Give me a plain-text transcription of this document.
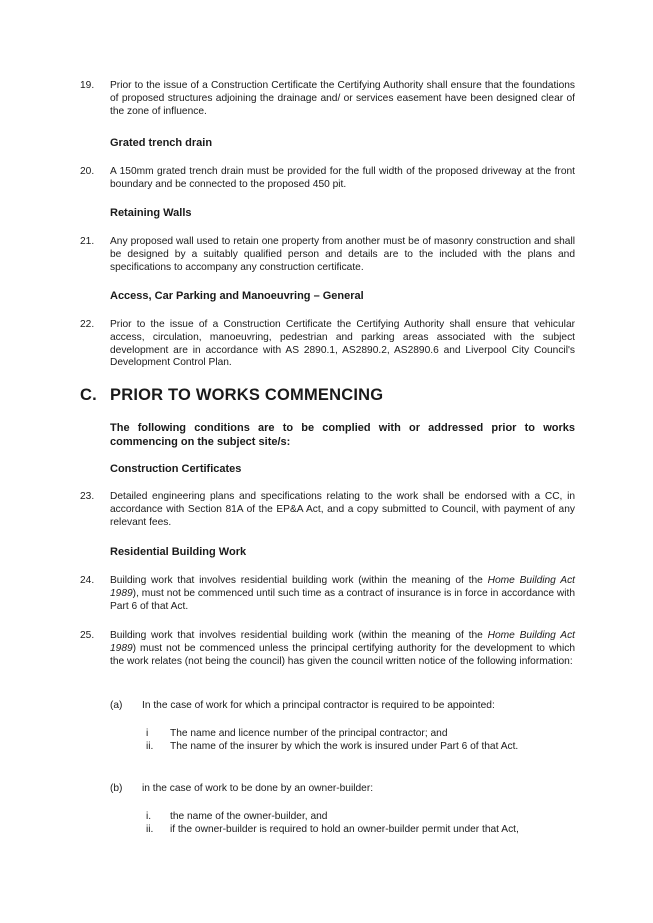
19.	Prior to the issue of a Construction Certificate the Certifying Authority shall ensure that the foundations of proposed structures adjoining the drainage and/ or services easement have been designed clear of the zone of influence.
Grated trench drain
20.	A 150mm grated trench drain must be provided for the full width of the proposed driveway at the front boundary and be connected to the proposed 450 pit.
Retaining Walls
21.	Any proposed wall used to retain one property from another must be of masonry construction and shall be designed by a suitably qualified person and details are to the included with the plans and specifications to accompany any construction certificate.
Access, Car Parking and Manoeuvring – General
22.	Prior to the issue of a Construction Certificate the Certifying Authority shall ensure that vehicular access, circulation, manoeuvring, pedestrian and parking areas associated with the subject development are in accordance with AS 2890.1, AS2890.2, AS2890.6 and Liverpool City Council's Development Control Plan.
C. PRIOR TO WORKS COMMENCING
The following conditions are to be complied with or addressed prior to works commencing on the subject site/s:
Construction Certificates
23.	Detailed engineering plans and specifications relating to the work shall be endorsed with a CC, in accordance with Section 81A of the EP&A Act, and a copy submitted to Council, with payment of any relevant fees.
Residential Building Work
24.	Building work that involves residential building work (within the meaning of the Home Building Act 1989), must not be commenced until such time as a contract of insurance is in force in accordance with Part 6 of that Act.
25.	Building work that involves residential building work (within the meaning of the Home Building Act 1989) must not be commenced unless the principal certifying authority for the development to which the work relates (not being the council) has given the council written notice of the following information:
(a) In the case of work for which a principal contractor is required to be appointed:
i The name and licence number of the principal contractor; and
ii. The name of the insurer by which the work is insured under Part 6 of that Act.
(b) in the case of work to be done by an owner-builder:
i. the name of the owner-builder, and
ii. if the owner-builder is required to hold an owner-builder permit under that Act,
